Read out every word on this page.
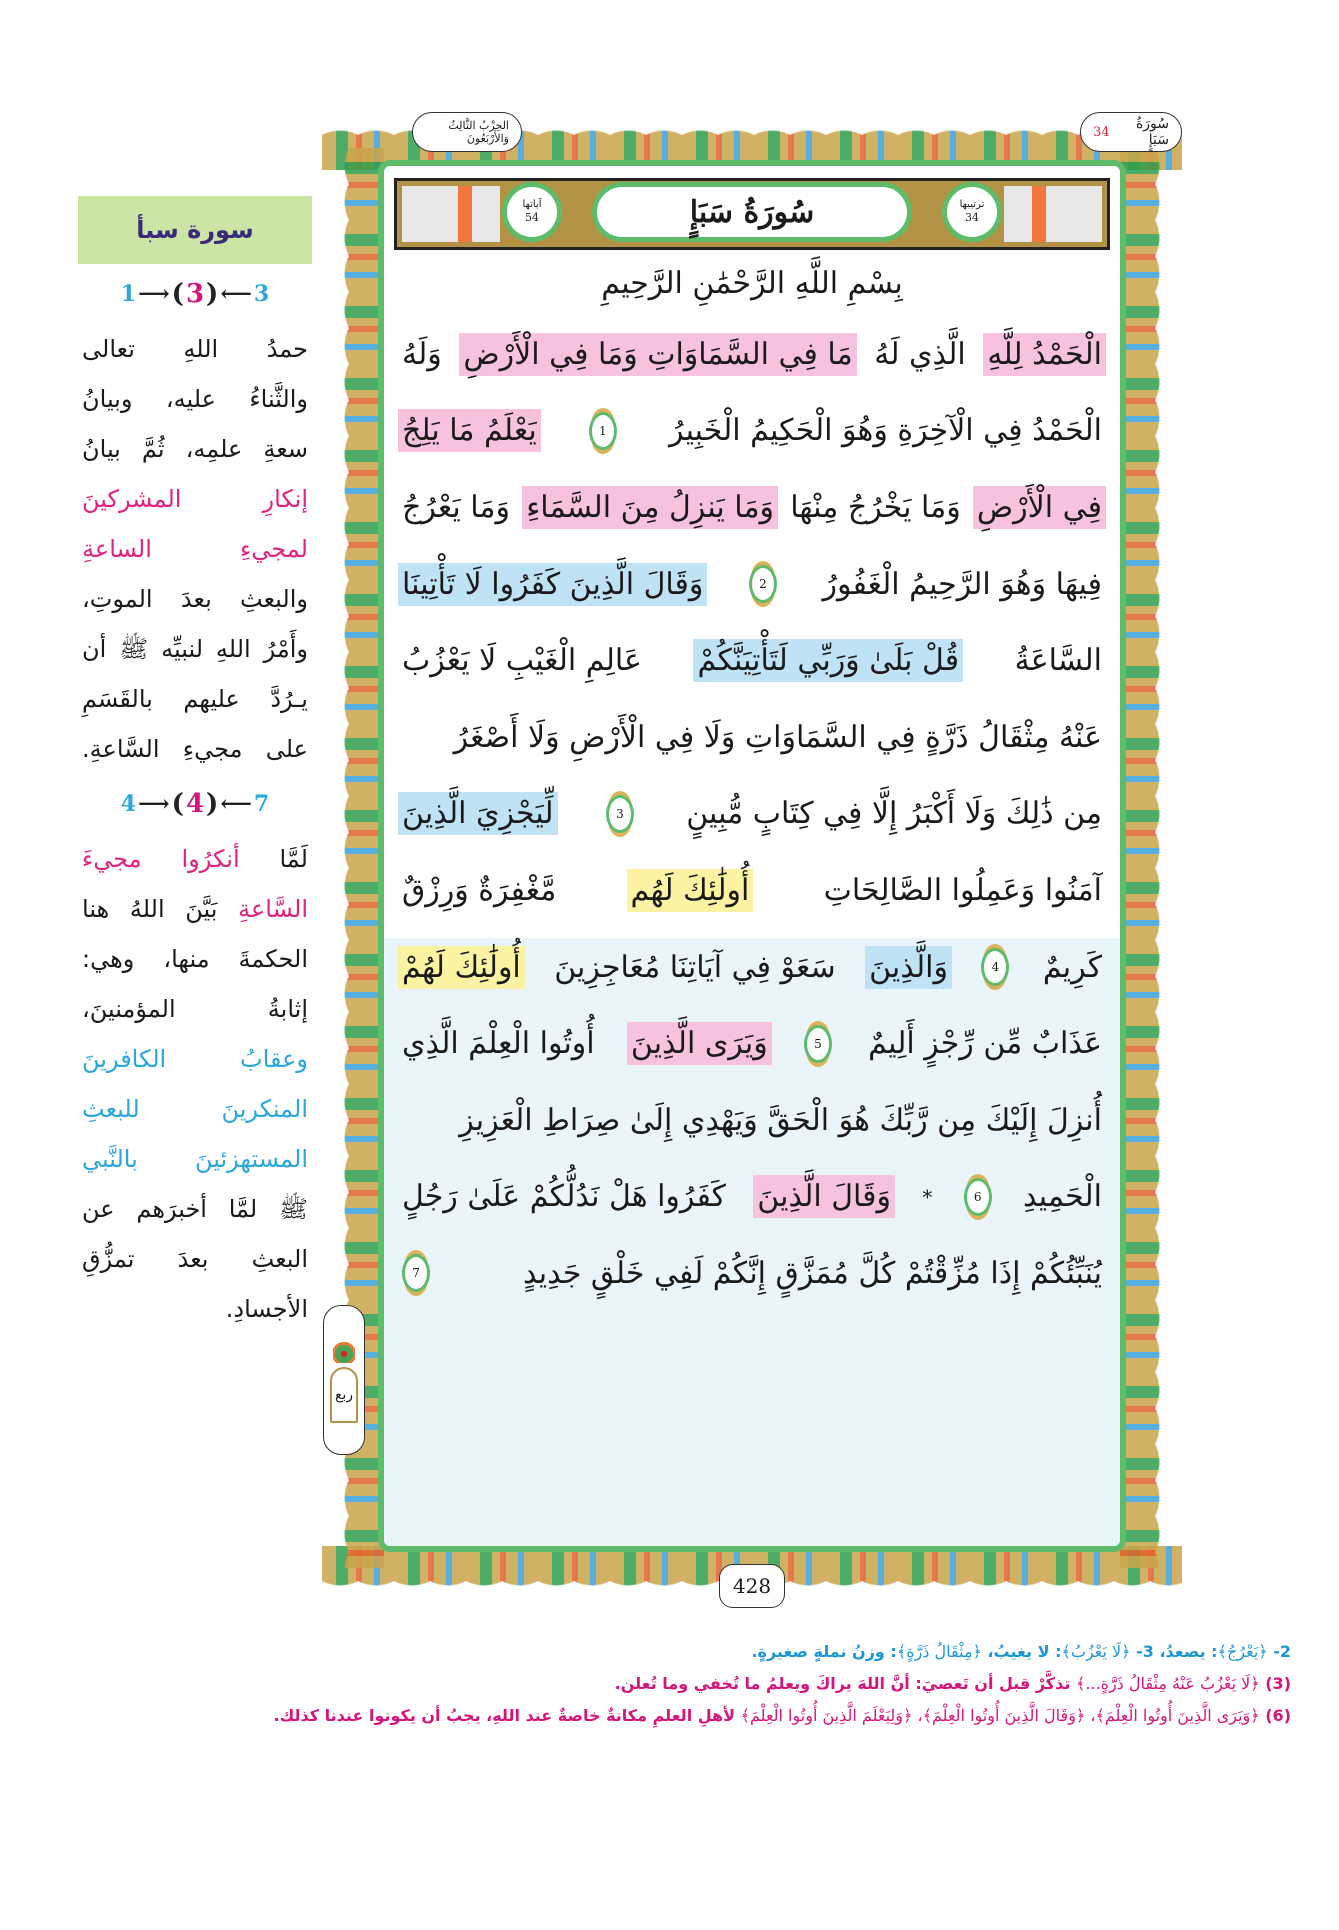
سورة سبأ
1 ⟶ ( 3 ) ⟵ 3
حمدُ اللهِ تعالى
والثَّناءُ عليه، وبيانُ
سعةِ علمِه، ثُمَّ بيانُ
إنكارِ المشركينَ
لمجيءِ الساعةِ
والبعثِ بعدَ الموتِ،
وأَمْرُ اللهِ لنبيِّه ﷺ أن
يـرُدَّ عليهم بالقَسَمِ
على مجيءِ السَّاعةِ.
4 ⟶ ( 4 ) ⟵ 7
لَمَّا أنكرُوا مجيءَ
السَّاعةِ بَيَّنَ اللهُ هنا
الحكمةَ منها، وهي:
إثابةُ المؤمنينَ،
وعقابُ الكافرينَ
المنكرينَ للبعثِ
المستهزئينَ بالنَّبي
ﷺ لمَّا أخبرَهم عن
البعثِ بعدَ تمزُّقِ
الأجسادِ.
الحِزْبُ الثَّالِثُ وَالأَرْبَعُونَ
سُورَةُ سَبَإٍ
34
آياتها
54	سُورَةُ سَبَإٍ	ترتيبها
34
بِسْمِ اللَّهِ الرَّحْمَٰنِ الرَّحِيمِ
الْحَمْدُ لِلَّهِ
الَّذِي لَهُ
مَا فِي السَّمَاوَاتِ وَمَا فِي الْأَرْضِ
وَلَهُ
الْحَمْدُ فِي الْآخِرَةِ وَهُوَ الْحَكِيمُ الْخَبِيرُ
1
يَعْلَمُ مَا يَلِجُ
فِي الْأَرْضِ
وَمَا يَخْرُجُ مِنْهَا
وَمَا يَنزِلُ مِنَ السَّمَاءِ
وَمَا يَعْرُجُ
فِيهَا وَهُوَ الرَّحِيمُ الْغَفُورُ
2
وَقَالَ الَّذِينَ كَفَرُوا لَا تَأْتِينَا
السَّاعَةُ
قُلْ بَلَىٰ وَرَبِّي لَتَأْتِيَنَّكُمْ
عَالِمِ الْغَيْبِ لَا يَعْزُبُ
عَنْهُ مِثْقَالُ ذَرَّةٍ فِي السَّمَاوَاتِ وَلَا فِي الْأَرْضِ وَلَا أَصْغَرُ
مِن ذَٰلِكَ وَلَا أَكْبَرُ إِلَّا فِي كِتَابٍ مُّبِينٍ
3
لِّيَجْزِيَ الَّذِينَ
آمَنُوا وَعَمِلُوا الصَّالِحَاتِ
أُولَٰئِكَ لَهُم
مَّغْفِرَةٌ وَرِزْقٌ
كَرِيمٌ
4
وَالَّذِينَ
سَعَوْ فِي آيَاتِنَا مُعَاجِزِينَ
أُولَٰئِكَ لَهُمْ
عَذَابٌ مِّن رِّجْزٍ أَلِيمٌ
5
وَيَرَى الَّذِينَ
أُوتُوا الْعِلْمَ الَّذِي
أُنزِلَ إِلَيْكَ مِن رَّبِّكَ هُوَ الْحَقَّ وَيَهْدِي إِلَىٰ صِرَاطِ الْعَزِيزِ
الْحَمِيدِ
6
*
وَقَالَ الَّذِينَ
كَفَرُوا هَلْ نَدُلُّكُمْ عَلَىٰ رَجُلٍ
يُنَبِّئُكُمْ إِذَا مُزِّقْتُمْ كُلَّ مُمَزَّقٍ إِنَّكُمْ لَفِي خَلْقٍ جَدِيدٍ
7
428
ربع
2- ﴿يَعْرُجُ﴾: يصعدُ، 3- ﴿لَا يَعْزُبُ﴾: لا يغيبُ، ﴿مِثْقَالُ ذَرَّةٍ﴾: وزنُ نملةٍ صغيرةٍ.
(3) ﴿لَا يَعْزُبُ عَنْهُ مِثْقَالُ ذَرَّةٍ...﴾ تذكَّرْ قبل أن تَعصيَ: أنَّ اللهَ يراكَ ويعلمُ ما تُخفي وما تُعلن.
(6) ﴿وَيَرَى الَّذِينَ أُوتُوا الْعِلْمَ﴾، ﴿وَقَالَ الَّذِينَ أُوتُوا الْعِلْمَ﴾، ﴿وَلِيَعْلَمَ الَّذِينَ أُوتُوا الْعِلْمَ﴾ لأهلِ العلمِ مكانةٌ خاصةٌ عند اللهِ، يجبُ أن يكونوا عندنا كذلك.
